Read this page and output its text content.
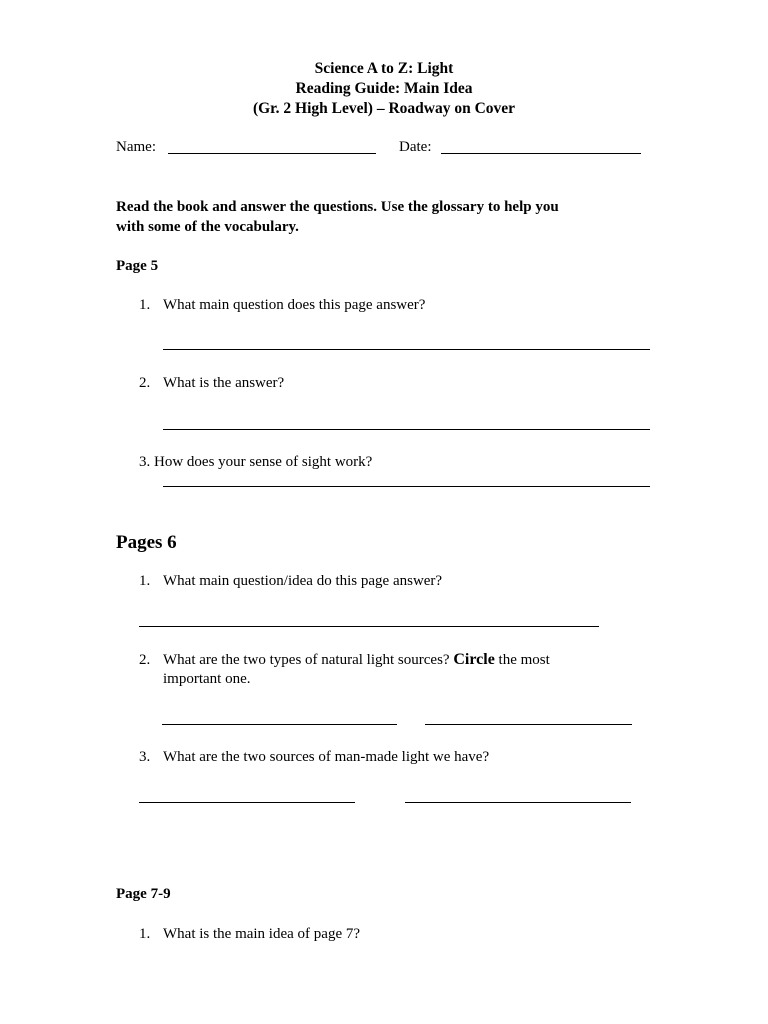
Science A to Z: Light
Reading Guide: Main Idea
(Gr. 2 High Level) – Roadway on Cover
Name:	Date:
Read the book and answer the questions. Use the glossary to help you
with some of the vocabulary.
Page 5
1. What main question does this page answer?
2. What is the answer?
3. How does your sense of sight work?
Pages 6
1. What main question/idea do this page answer?
2. What are the two types of natural light sources? Circle the most
important one.
3. What are the two sources of man-made light we have?
Page 7-9
1. What is the main idea of page 7?
